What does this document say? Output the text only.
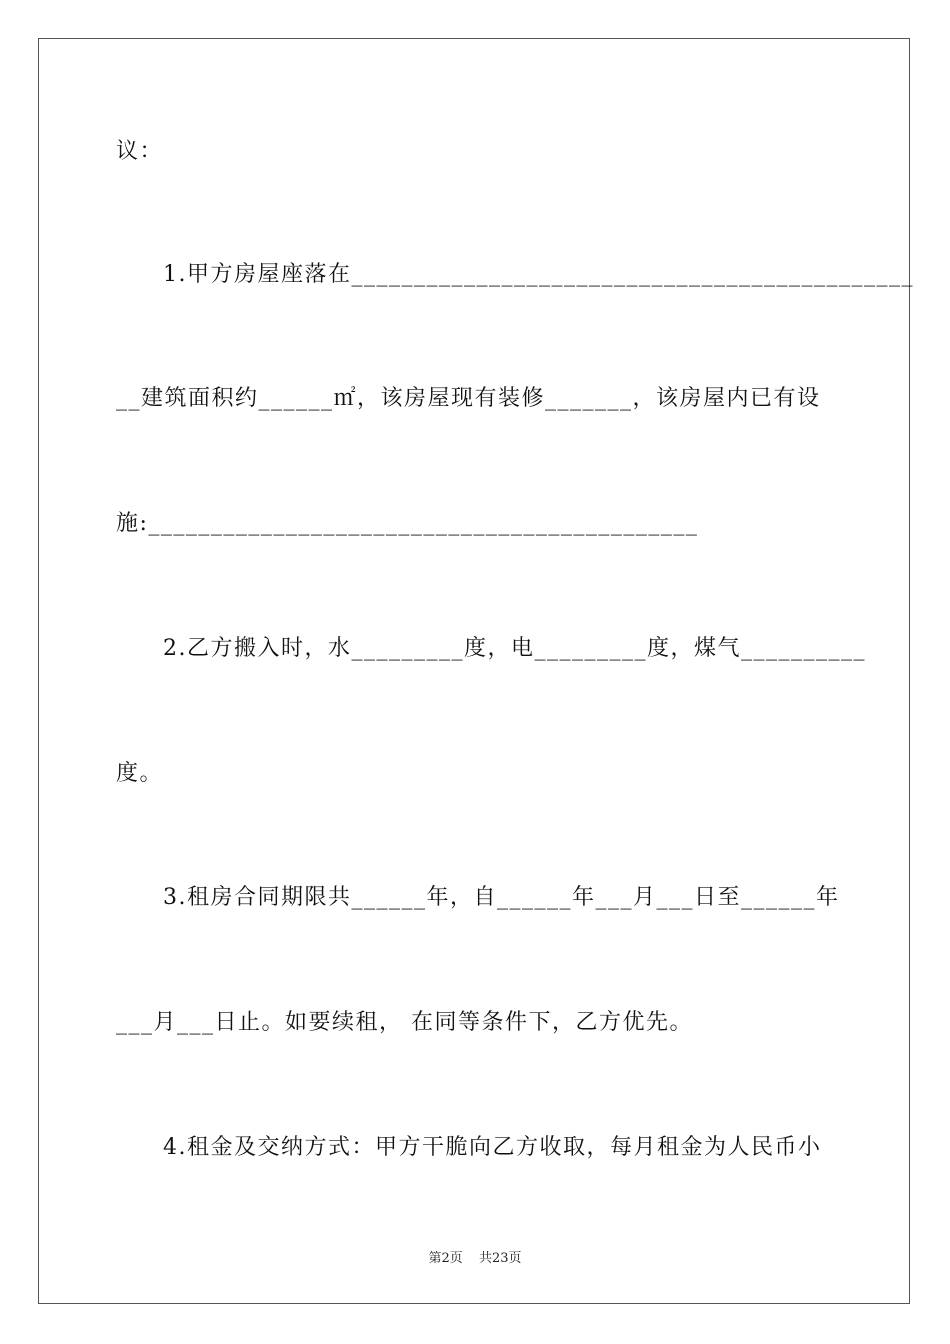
议：
1.甲方房屋座落在_____________________________________________
__建筑面积约______㎡，该房屋现有装修_______，该房屋内已有设
施:____________________________________________
2.乙方搬入时，水_________度，电_________度，煤气__________
度。
3.租房合同期限共______年，自______年___月___日至______年
___月___日止。如要续租， 在同等条件下，乙方优先。
4.租金及交纳方式：甲方干脆向乙方收取，每月租金为人民币小
第2页 共23页
